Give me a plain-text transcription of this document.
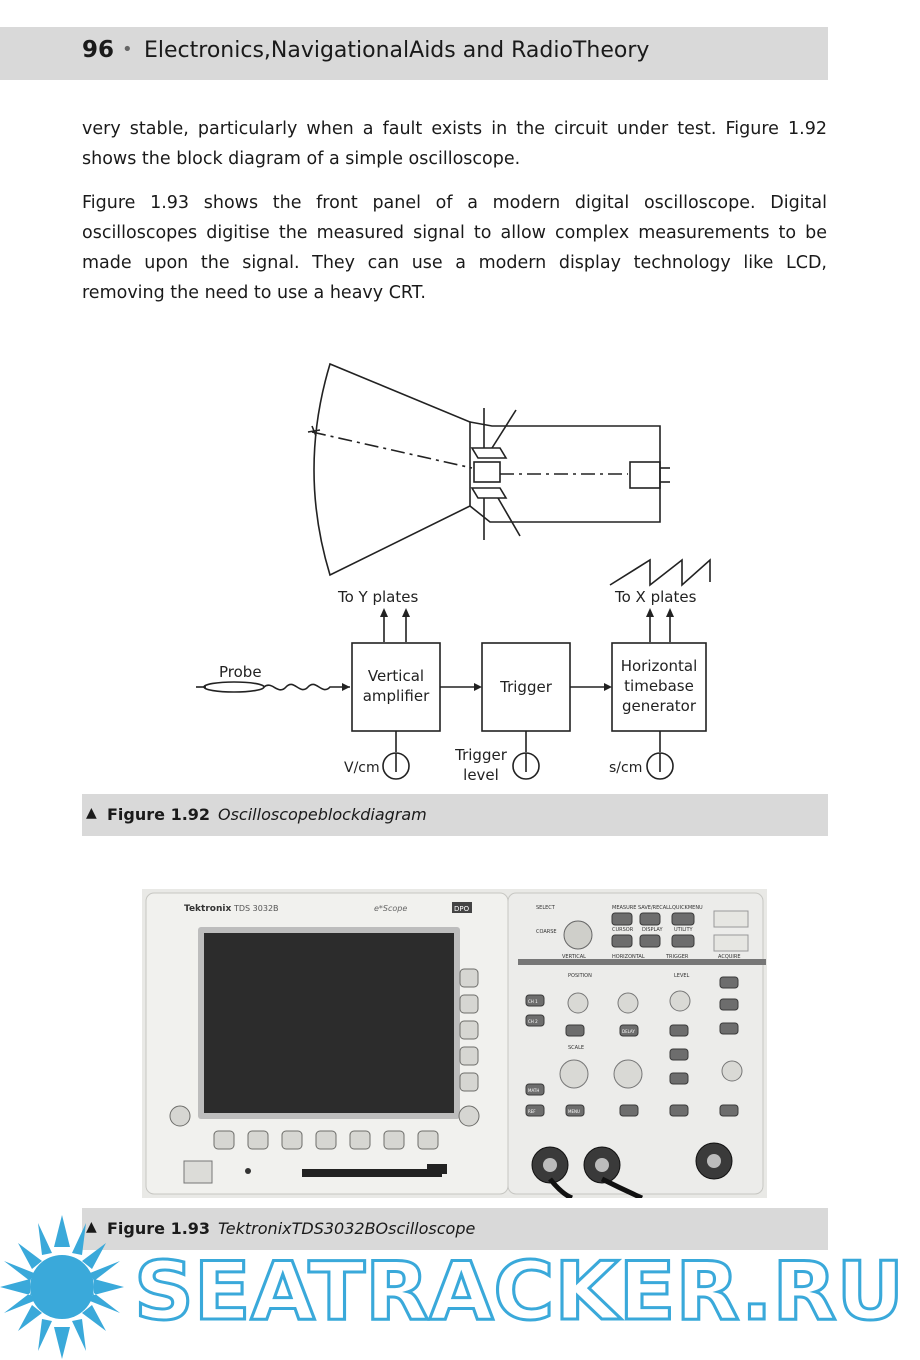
96 • Electronics,NavigationalAids and RadioTheory

very stable, particularly when a fault exists in the circuit under test. Figure 1.92 shows the block diagram of a simple oscilloscope.

Figure 1.93 shows the front panel of a modern digital oscilloscope. Digital oscilloscopes digitise the measured signal to allow complex measurements to be made upon the signal. They can use a modern display technology like LCD, removing the need to use a heavy CRT.

To Y plates	To X plates
Probe	Vertical
amplifier	Trigger
Horizontal
timebase
generator
V/cm
Trigger
level	s/cm
▲ Figure 1.92 Oscilloscopeblockdiagram
Tektronix TDS 3032B	e*Scope	DPO	SELECT
COARSE
MEASURE SAVE/RECALL QUICKMENU
CURSOR DISPLAY UTILITY
VERTICAL	HORIZONTAL	TRIGGER	ACQUIRE
POSITION	LEVEL
SCALE
CH 1
CH 2
MATH
REF
DELAY
MENU
▲ Figure 1.93 TektronixTDS3032BOscilloscope
SEATRACKER.RU
